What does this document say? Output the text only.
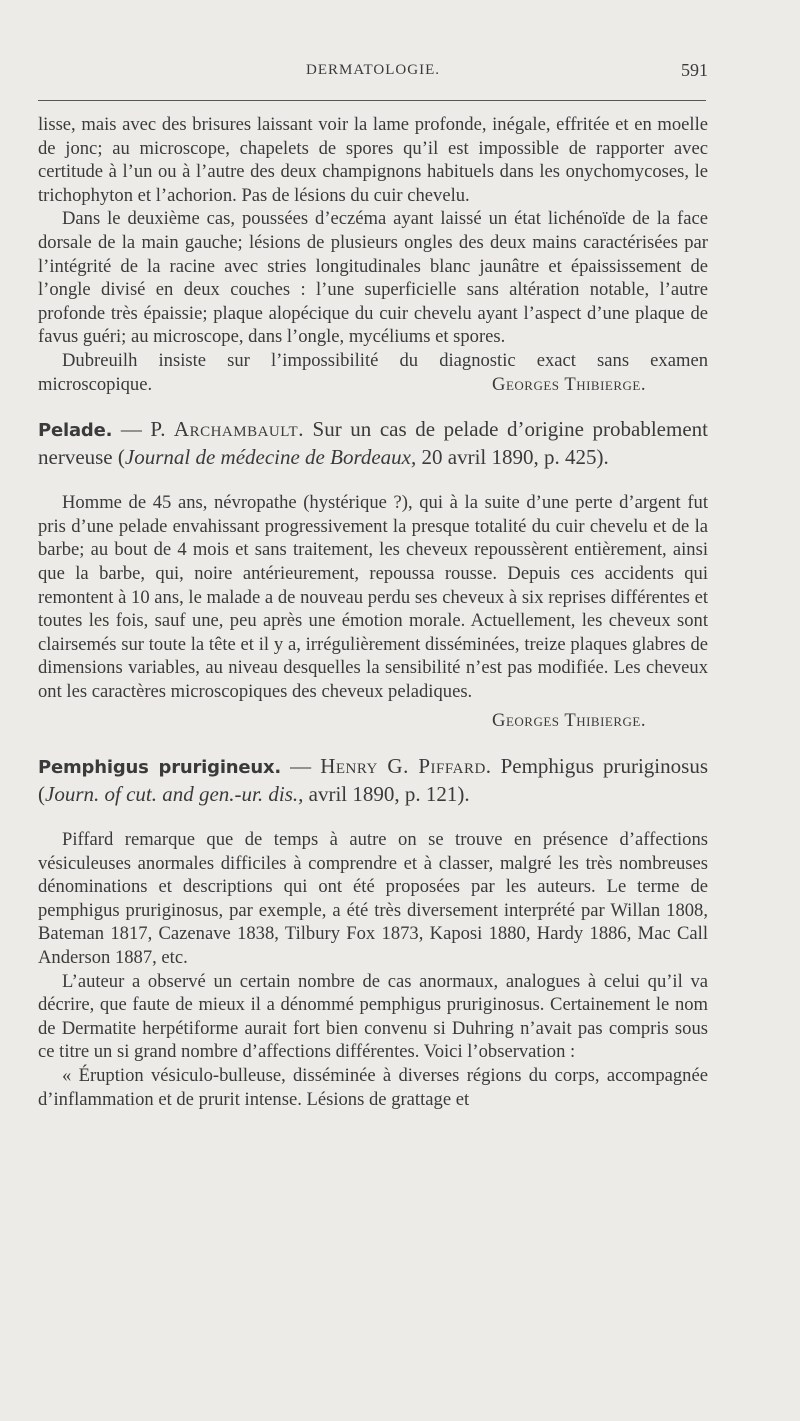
DERMATOLOGIE.	591

lisse, mais avec des brisures laissant voir la lame profonde, inégale, effritée et en moelle de jonc; au microscope, chapelets de spores qu’il est impossible de rapporter avec certitude à l’un ou à l’autre des deux champignons habituels dans les onychomycoses, le trichophyton et l’achorion. Pas de lésions du cuir chevelu.

Dans le deuxième cas, poussées d’eczéma ayant laissé un état lichénoïde de la face dorsale de la main gauche; lésions de plusieurs ongles des deux mains caractérisées par l’intégrité de la racine avec stries longitudinales blanc jaunâtre et épaississement de l’ongle divisé en deux couches : l’une superficielle sans altération notable, l’autre profonde très épaissie; plaque alopécique du cuir chevelu ayant l’aspect d’une plaque de favus guéri; au microscope, dans l’ongle, mycéliums et spores.

Dubreuilh insiste sur l’impossibilité du diagnostic exact sans examen

microscopique.	Georges Thibierge.

Pelade. — P. Archambault. Sur un cas de pelade d’origine probablement nerveuse (Journal de médecine de Bordeaux, 20 avril 1890, p. 425).

Homme de 45 ans, névropathe (hystérique ?), qui à la suite d’une perte d’argent fut pris d’une pelade envahissant progressivement la presque totalité du cuir chevelu et de la barbe; au bout de 4 mois et sans traitement, les cheveux repoussèrent entièrement, ainsi que la barbe, qui, noire antérieurement, repoussa rousse. Depuis ces accidents qui remontent à 10 ans, le malade a de nouveau perdu ses cheveux à six reprises différentes et toutes les fois, sauf une, peu après une émotion morale. Actuellement, les cheveux sont clairsemés sur toute la tête et il y a, irrégulièrement disséminées, treize plaques glabres de dimensions variables, au niveau desquelles la sensibilité n’est pas modifiée. Les cheveux ont les caractères microscopiques des cheveux peladiques.

Georges Thibierge.

Pemphigus pruriginеux. — Henry G. Piffard. Pemphigus pruriginosus (Journ. of cut. and gen.-ur. dis., avril 1890, p. 121).

Piffard remarque que de temps à autre on se trouve en présence d’affections vésiculeuses anormales difficiles à comprendre et à classer, malgré les très nombreuses dénominations et descriptions qui ont été proposées par les auteurs. Le terme de pemphigus pruriginosus, par exemple, a été très diversement interprété par Willan 1808, Bateman 1817, Cazenave 1838, Tilbury Fox 1873, Kaposi 1880, Hardy 1886, Mac Call Anderson 1887, etc.

L’auteur a observé un certain nombre de cas anormaux, analogues à celui qu’il va décrire, que faute de mieux il a dénommé pemphigus pruriginosus. Certainement le nom de Dermatite herpétiforme aurait fort bien convenu si Duhring n’avait pas compris sous ce titre un si grand nombre d’affections différentes. Voici l’observation :

« Éruption vésiculo-bulleuse, disséminée à diverses régions du corps, accompagnée d’inflammation et de prurit intense. Lésions de grattage et
